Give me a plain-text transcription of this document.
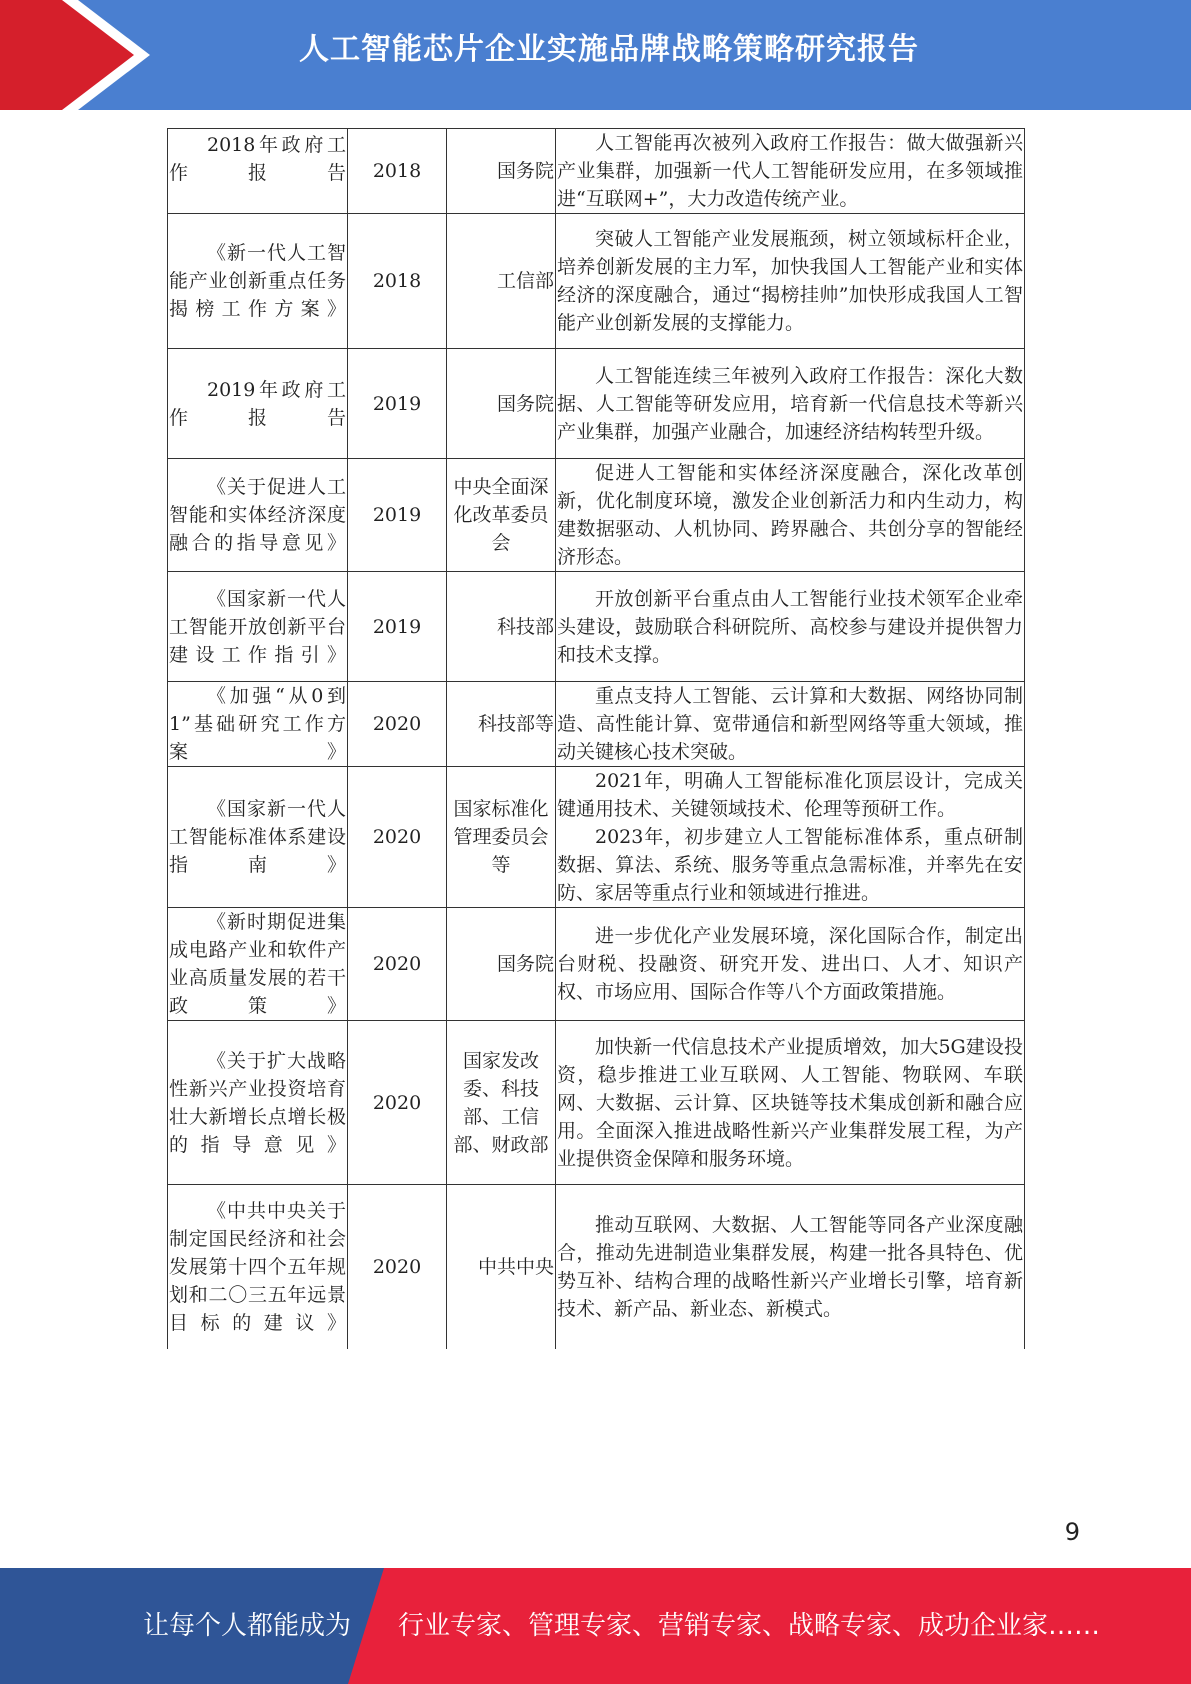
人工智能芯片企业实施品牌战略策略研究报告
2018年政府工作报告	2018	国务院	人工智能再次被列入政府工作报告：做大做强新兴产业集群，加强新一代人工智能研发应用，在多领域推进“互联网+”，大力改造传统产业。
《新一代人工智能产业创新重点任务揭榜工作方案》	2018	工信部	突破人工智能产业发展瓶颈，树立领域标杆企业，培养创新发展的主力军，加快我国人工智能产业和实体经济的深度融合，通过“揭榜挂帅”加快形成我国人工智能产业创新发展的支撑能力。
2019年政府工作报告	2019	国务院	人工智能连续三年被列入政府工作报告：深化大数据、人工智能等研发应用，培育新一代信息技术等新兴产业集群，加强产业融合，加速经济结构转型升级。
《关于促进人工智能和实体经济深度融合的指导意见》	2019	中央全面深化改革委员会	促进人工智能和实体经济深度融合，深化改革创新，优化制度环境，激发企业创新活力和内生动力，构建数据驱动、人机协同、跨界融合、共创分享的智能经济形态。
《国家新一代人工智能开放创新平台建设工作指引》	2019	科技部	开放创新平台重点由人工智能行业技术领军企业牵头建设，鼓励联合科研院所、高校参与建设并提供智力和技术支撑。
《加强“从0到1”基础研究工作方案》	2020	科技部等	重点支持人工智能、云计算和大数据、网络协同制造、高性能计算、宽带通信和新型网络等重大领域，推动关键核心技术突破。
《国家新一代人工智能标准体系建设指南》	2020	国家标准化管理委员会等	2021年，明确人工智能标准化顶层设计，完成关键通用技术、关键领域技术、伦理等预研工作。

2023年，初步建立人工智能标准体系，重点研制数据、算法、系统、服务等重点急需标准，并率先在安防、家居等重点行业和领域进行推进。

《新时期促进集成电路产业和软件产业高质量发展的若干政策》	2020	国务院	进一步优化产业发展环境，深化国际合作，制定出台财税、投融资、研究开发、进出口、人才、知识产权、市场应用、国际合作等八个方面政策措施。
《关于扩大战略性新兴产业投资培育壮大新增长点增长极的指导意见》	2020	国家发改委、科技部、工信部、财政部	加快新一代信息技术产业提质增效，加大5G建设投资，稳步推进工业互联网、人工智能、物联网、车联网、大数据、云计算、区块链等技术集成创新和融合应用。全面深入推进战略性新兴产业集群发展工程，为产业提供资金保障和服务环境。
《中共中央关于制定国民经济和社会发展第十四个五年规划和二〇三五年远景目标的建议》	2020	中共中央	推动互联网、大数据、人工智能等同各产业深度融合，推动先进制造业集群发展，构建一批各具特色、优势互补、结构合理的战略性新兴产业增长引擎，培育新技术、新产品、新业态、新模式。
9
让每个人都能成为 行业专家、管理专家、营销专家、战略专家、成功企业家……
